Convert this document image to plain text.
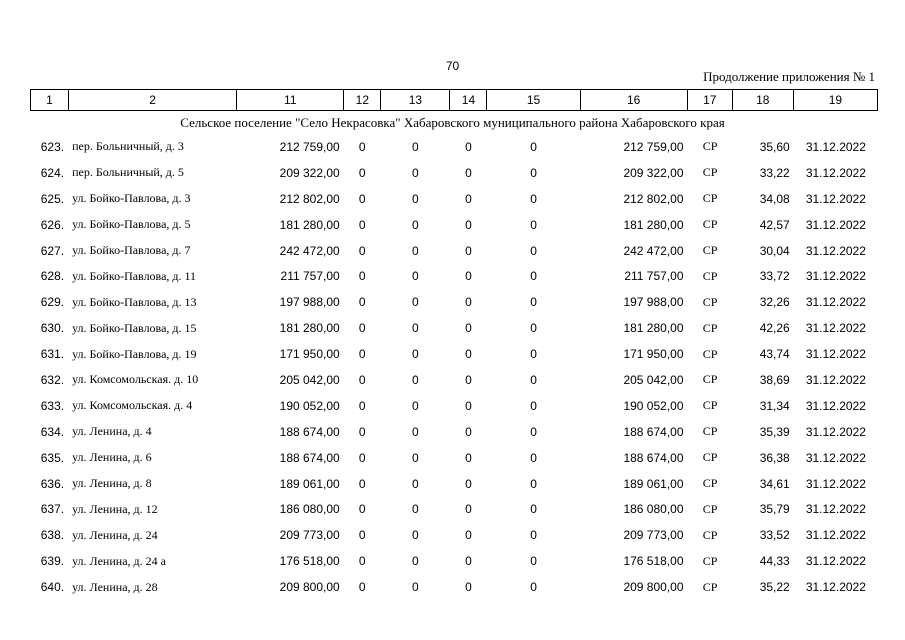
70
Продолжение приложения № 1
1	2	11	12	13	14	15	16	17	18	19
Сельское поселение "Село Некрасовка" Хабаровского муниципального района Хабаровского края
623.	пер. Больничный, д. 3	212 759,00	0	0	0	0	212 759,00	СР	35,60	31.12.2022
624.	пер. Больничный, д. 5	209 322,00	0	0	0	0	209 322,00	СР	33,22	31.12.2022
625.	ул. Бойко-Павлова, д. 3	212 802,00	0	0	0	0	212 802,00	СР	34,08	31.12.2022
626.	ул. Бойко-Павлова, д. 5	181 280,00	0	0	0	0	181 280,00	СР	42,57	31.12.2022
627.	ул. Бойко-Павлова, д. 7	242 472,00	0	0	0	0	242 472,00	СР	30,04	31.12.2022
628.	ул. Бойко-Павлова, д. 11	211 757,00	0	0	0	0	211 757,00	СР	33,72	31.12.2022
629.	ул. Бойко-Павлова, д. 13	197 988,00	0	0	0	0	197 988,00	СР	32,26	31.12.2022
630.	ул. Бойко-Павлова, д. 15	181 280,00	0	0	0	0	181 280,00	СР	42,26	31.12.2022
631.	ул. Бойко-Павлова, д. 19	171 950,00	0	0	0	0	171 950,00	СР	43,74	31.12.2022
632.	ул. Комсомольская. д. 10	205 042,00	0	0	0	0	205 042,00	СР	38,69	31.12.2022
633.	ул. Комсомольская. д. 4	190 052,00	0	0	0	0	190 052,00	СР	31,34	31.12.2022
634.	ул. Ленина, д. 4	188 674,00	0	0	0	0	188 674,00	СР	35,39	31.12.2022
635.	ул. Ленина, д. 6	188 674,00	0	0	0	0	188 674,00	СР	36,38	31.12.2022
636.	ул. Ленина, д. 8	189 061,00	0	0	0	0	189 061,00	СР	34,61	31.12.2022
637.	ул. Ленина, д. 12	186 080,00	0	0	0	0	186 080,00	СР	35,79	31.12.2022
638.	ул. Ленина, д. 24	209 773,00	0	0	0	0	209 773,00	СР	33,52	31.12.2022
639.	ул. Ленина, д. 24 а	176 518,00	0	0	0	0	176 518,00	СР	44,33	31.12.2022
640.	ул. Ленина, д. 28	209 800,00	0	0	0	0	209 800,00	СР	35,22	31.12.2022
